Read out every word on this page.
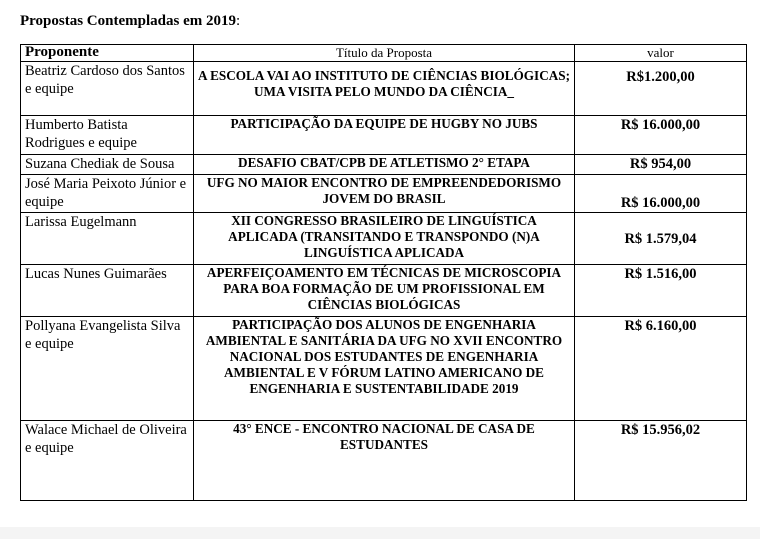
Propostas Contempladas em 2019:
Proponente	Título da Proposta	valor
Beatriz Cardoso dos Santos e equipe	A ESCOLA VAI AO INSTITUTO DE CIÊNCIAS BIOLÓGICAS; UMA VISITA PELO MUNDO DA CIÊNCIA_	R$1.200,00
Humberto Batista Rodrigues e equipe	PARTICIPAÇÃO DA EQUIPE DE HUGBY NO JUBS	R$ 16.000,00
Suzana Chediak de Sousa	DESAFIO CBAT/CPB DE ATLETISMO 2° ETAPA	R$ 954,00
José Maria Peixoto Júnior e equipe	UFG NO MAIOR ENCONTRO DE EMPREENDEDORISMO JOVEM DO BRASIL	R$ 16.000,00
Larissa Eugelmann	XII CONGRESSO BRASILEIRO DE LINGUÍSTICA APLICADA (TRANSITANDO E TRANSPONDO (N)A LINGUÍSTICA APLICADA	R$ 1.579,04
Lucas Nunes Guimarães	APERFEIÇOAMENTO EM TÉCNICAS DE MICROSCOPIA PARA BOA FORMAÇÃO DE UM PROFISSIONAL EM CIÊNCIAS BIOLÓGICAS	R$ 1.516,00
Pollyana Evangelista Silva e equipe	PARTICIPAÇÃO DOS ALUNOS DE ENGENHARIA AMBIENTAL E SANITÁRIA DA UFG NO XVII ENCONTRO NACIONAL DOS ESTUDANTES DE ENGENHARIA AMBIENTAL E V FÓRUM LATINO AMERICANO DE ENGENHARIA E SUSTENTABILIDADE 2019	R$ 6.160,00
Walace Michael de Oliveira e equipe	43° ENCE - ENCONTRO NACIONAL DE CASA DE ESTUDANTES	R$ 15.956,02
